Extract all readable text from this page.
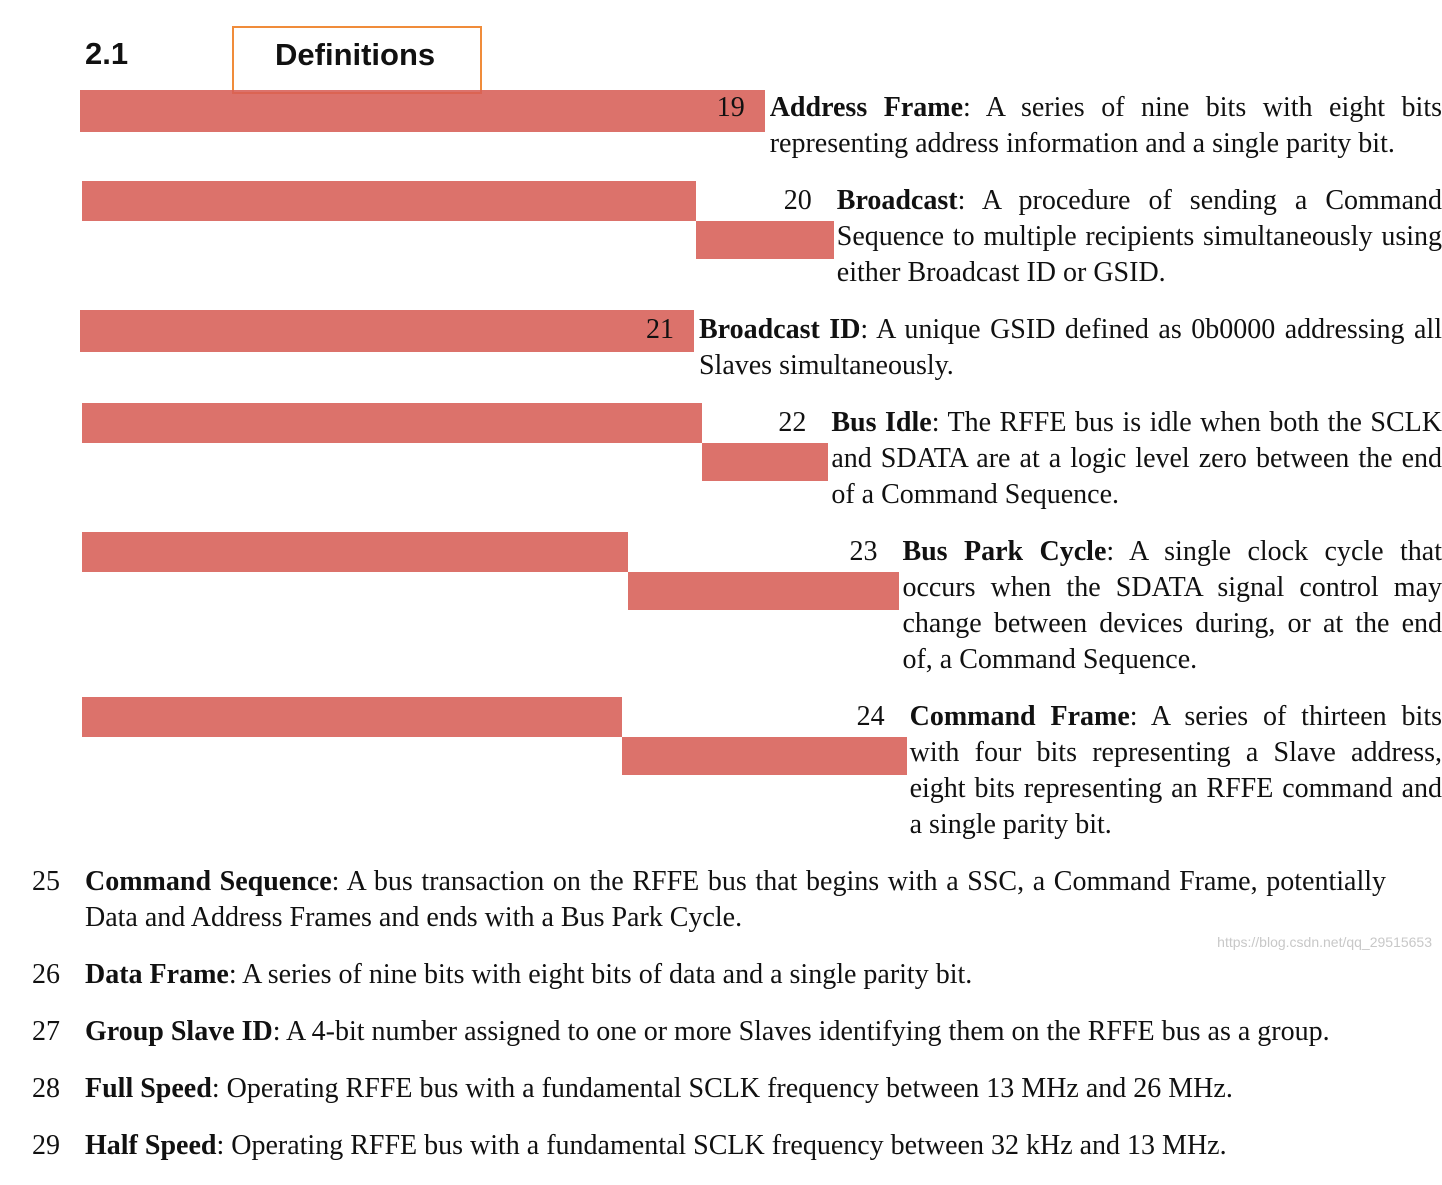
2.1	Definitions
19 Address Frame: A series of nine bits with eight bits representing address information and a single parity bit.
20 Broadcast: A procedure of sending a Command Sequence to multiple recipients simultaneously using either Broadcast ID or GSID.
21 Broadcast ID: A unique GSID defined as 0b0000 addressing all Slaves simultaneously.
22 Bus Idle: The RFFE bus is idle when both the SCLK and SDATA are at a logic level zero between the end of a Command Sequence.
23 Bus Park Cycle: A single clock cycle that occurs when the SDATA signal control may change between devices during, or at the end of, a Command Sequence.
24 Command Frame: A series of thirteen bits with four bits representing a Slave address, eight bits representing an RFFE command and a single parity bit.
25 Command Sequence: A bus transaction on the RFFE bus that begins with a SSC, a Command Frame, potentially Data and Address Frames and ends with a Bus Park Cycle.
26 Data Frame: A series of nine bits with eight bits of data and a single parity bit.
27 Group Slave ID: A 4-bit number assigned to one or more Slaves identifying them on the RFFE bus as a group.
28 Full Speed: Operating RFFE bus with a fundamental SCLK frequency between 13 MHz and 26 MHz.
29 Half Speed: Operating RFFE bus with a fundamental SCLK frequency between 32 kHz and 13 MHz.
https://blog.csdn.net/qq_29515653
